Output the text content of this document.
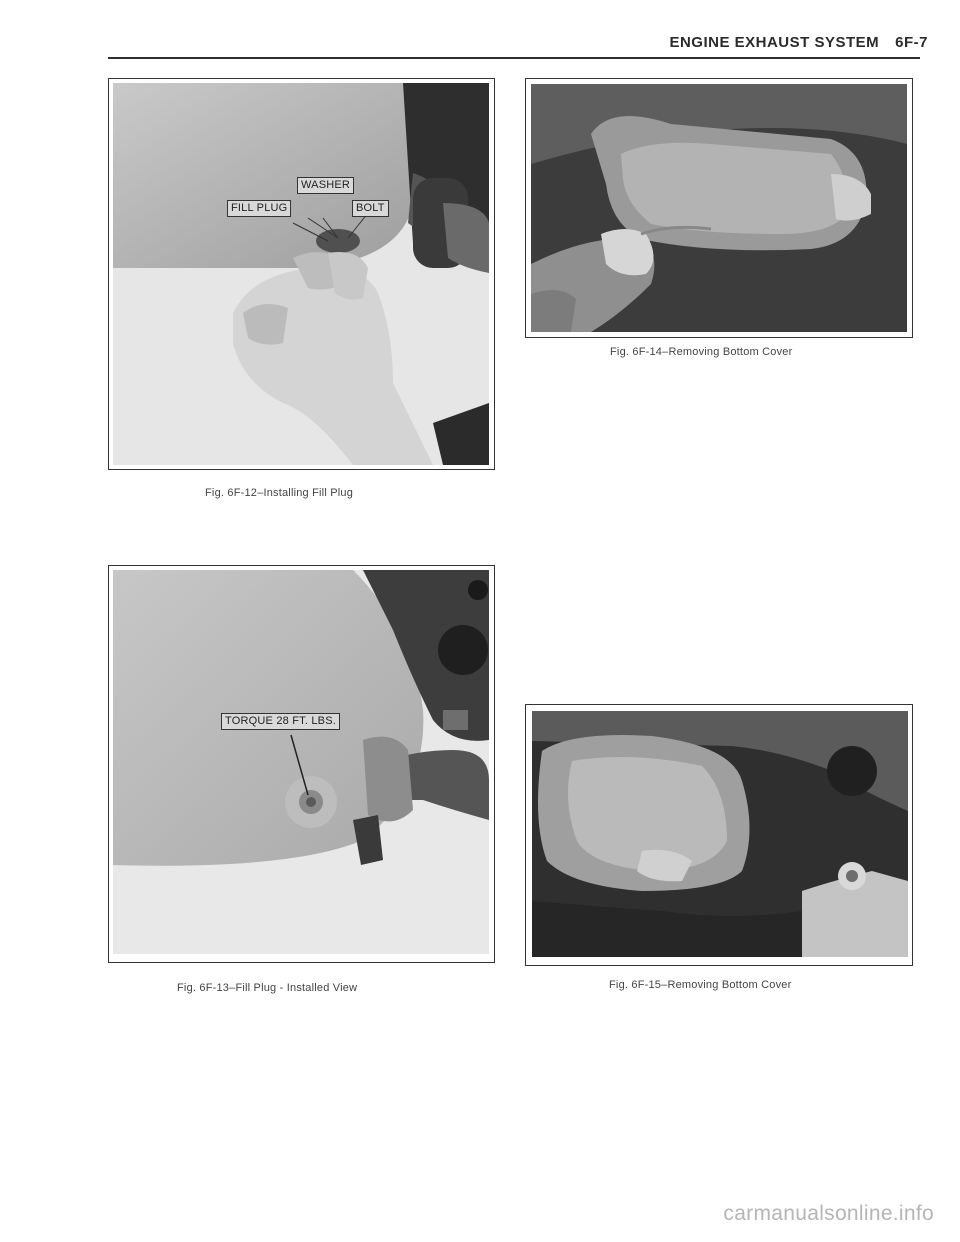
ENGINE EXHAUST SYSTEM 6F-7
WASHER
FILL PLUG	BOLT
Fig. 6F-12–Installing Fill Plug
TORQUE 28 FT. LBS.
Fig. 6F-13–Fill Plug - Installed View
Fig. 6F-14–Removing Bottom Cover
Fig. 6F-15–Removing Bottom Cover
carmanualsonline.info
